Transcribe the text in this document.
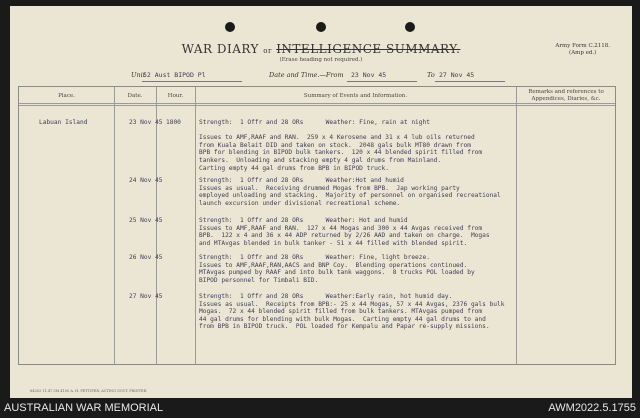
WAR DIARY or INTELLIGENCE SUMMARY.
(Erase heading not required.)
Army Form C.2118.
(Amp ed.)
Unit
52 Aust BIPOD Pl	Date and Time.—From 23 Nov 45	To 27 Nov 45
Place.	Date.	Hour.	Summary of Events and Information.
Remarks and references to Appendices, Diaries, &c.
Labuan Island	23 Nov 45 1800	Strength:  1 Offr and 28 ORs      Weather: Fine, rain at night

Issues to AMF,RAAF and RAN.  259 x 4 Kerosene and 31 x 4 lub oils returned
from Kuala Belait DID and taken on stock.  2048 gals bulk MT80 drawn from
BPB for blending in BIPOD bulk tankers.  120 x 44 blended spirit filled from
tankers.  Unloading and stacking empty 4 gal drums from Mainland.
Carting empty 44 gal drums from BPB in BIPOD truck.
24 Nov 45	Strength:  1 Offr and 28 ORs      Weather:Hot and humid
Issues as usual.  Receiving drummed Mogas from BPB.  Jap working party
employed unloading and stacking.  Majority of personnel on organised recreational
launch excursion under divisional recreational scheme.
25 Nov 45	Strength:  1 Offr and 28 ORs      Weather: Hot and humid
Issues to AMF,RAAF and RAN.  127 x 44 Mogas and 300 x 44 Avgas received from
BPB.  122 x 4 and 36 x 44 ADP returned by 2/26 AAD and taken on charge.  Mogas
and MTAvgas blended in bulk tanker - 51 x 44 filled with blended spirit.
26 Nov 45	Strength:  1 Offr and 28 ORs      Weather: Fine, light breeze.
Issues to AMF,RAAF,RAN,AACS and BNP Coy.  Blending operations continued.
MTAvgas pumped by RAAF and into bulk tank waggons.  8 trucks POL loaded by
BIPOD personnel for Timbali BID.
27 Nov 45	Strength:  1 Offr and 28 ORs      Weather:Early rain, hot humid day.
Issues as usual.  Receipts from BPB:- 25 x 44 Mogas, 57 x 44 Avgas, 2376 gals bulk
Mogas.  72 x 44 blended spirit filled from bulk tankers. MTAvgas pumped from
44 gal drums for blending with bulk Mogas.  Carting empty 44 gal drums to and
from BPB in BIPOD truck.  POL loaded for Kempalu and Papar re-supply missions.
84303 11.47 5M 4100 A. H. PETTIFER, ACTING GOVT. PRINTER.
AUSTRALIAN WAR MEMORIAL	AWM2022.5.1755
